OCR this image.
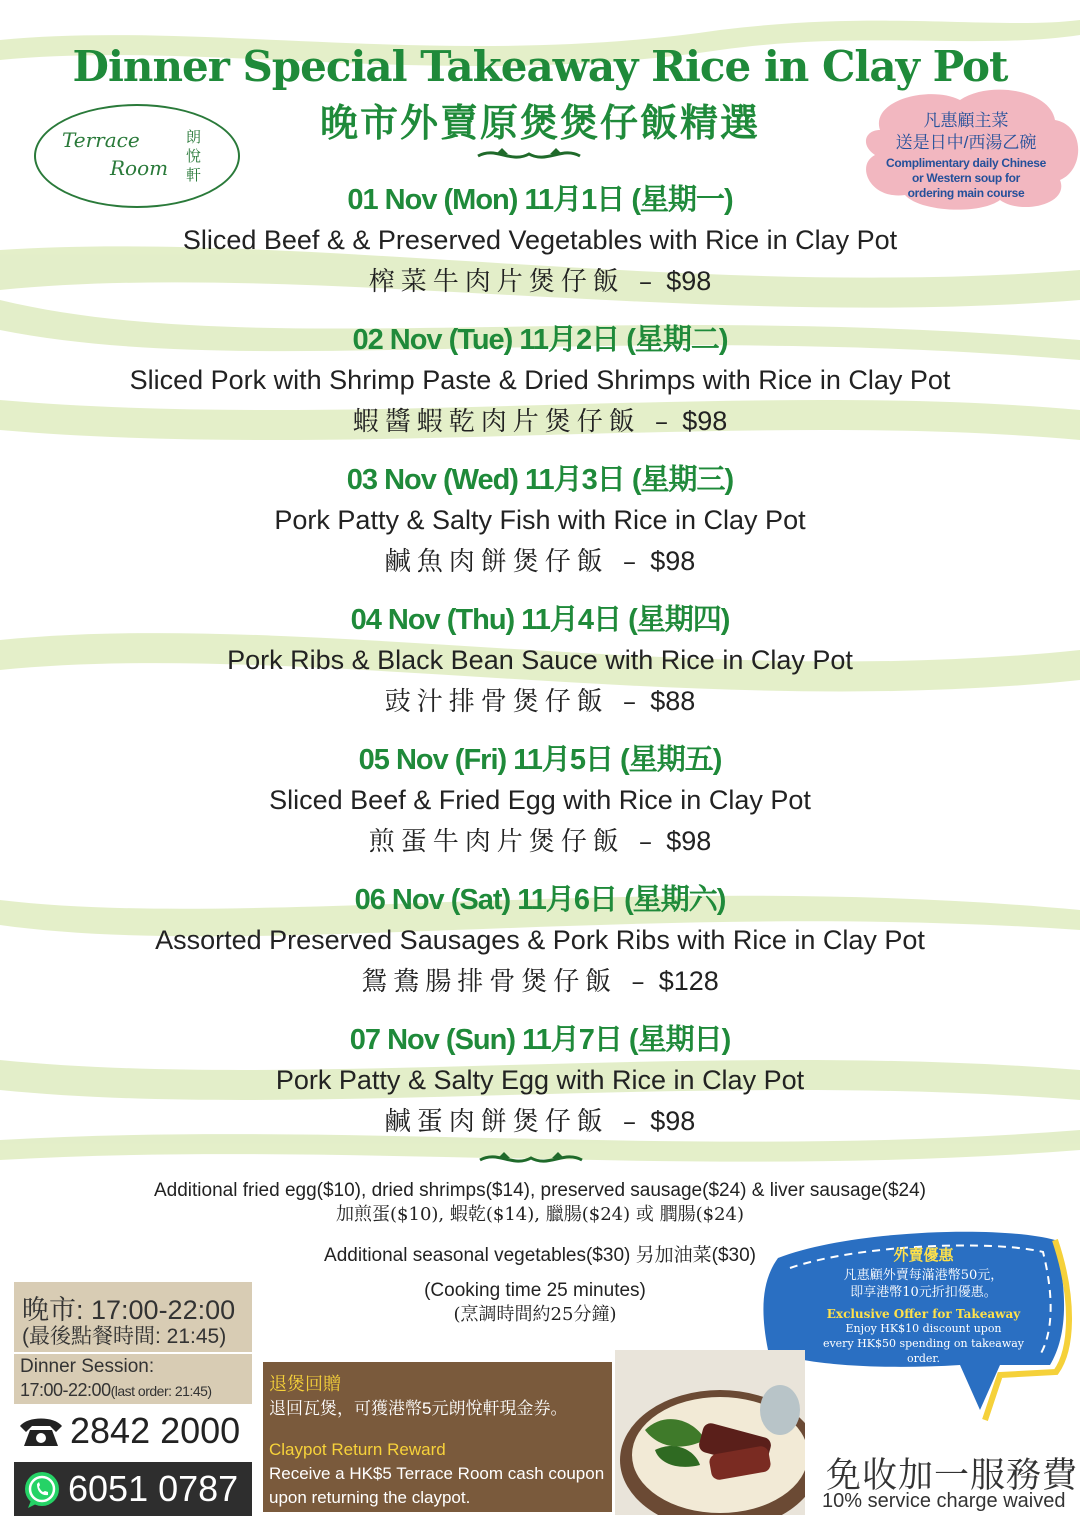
Dinner Special Takeaway Rice in Clay Pot
晚市外賣原煲煲仔飯精選
Terrace
Room
朗悅軒
凡惠顧主菜
送是日中/西湯乙碗
Complimentary daily Chinese
or Western soup for
ordering main course
01 Nov (Mon) 11月1日 (星期一)
Sliced Beef & & Preserved Vegetables with Rice in Clay Pot
榨菜牛肉片煲仔飯 – $98
02 Nov (Tue) 11月2日 (星期二)
Sliced Pork with Shrimp Paste & Dried Shrimps with Rice in Clay Pot
蝦醬蝦乾肉片煲仔飯 – $98
03 Nov (Wed) 11月3日 (星期三)
Pork Patty & Salty Fish with Rice in Clay Pot
鹹魚肉餅煲仔飯 – $98
04 Nov (Thu) 11月4日 (星期四)
Pork Ribs & Black Bean Sauce with Rice in Clay Pot
豉汁排骨煲仔飯 – $88
05 Nov (Fri) 11月5日 (星期五)
Sliced Beef & Fried Egg with Rice in Clay Pot
煎蛋牛肉片煲仔飯 – $98
06 Nov (Sat) 11月6日 (星期六)
Assorted Preserved Sausages & Pork Ribs with Rice in Clay Pot
鴛鴦腸排骨煲仔飯 – $128
07 Nov (Sun) 11月7日 (星期日)
Pork Patty & Salty Egg with Rice in Clay Pot
鹹蛋肉餅煲仔飯 – $98
Additional fried egg($10), dried shrimps($14), preserved sausage($24) & liver sausage($24)
加煎蛋($10), 蝦乾($14), 臘腸($24) 或 膶腸($24)
Additional seasonal vegetables($30) 另加油菜($30)
(Cooking time 25 minutes)
(烹調時間約25分鐘)
晚市: 17:00-22:00
(最後點餐時間: 21:45)
Dinner Session:
17:00-22:00(last order: 21:45)
2842 2000
6051 0787
退煲回贈
退回瓦煲，可獲港幣5元朗悅軒現金券。
Claypot Return Reward
Receive a HK$5 Terrace Room cash coupon
upon returning the claypot.
外賣優惠
凡惠顧外賣每滿港幣50元，
即享港幣10元折扣優惠。
Exclusive Offer for Takeaway
Enjoy HK$10 discount upon
every HK$50 spending on takeaway order.
免收加一服務費
10% service charge waived
